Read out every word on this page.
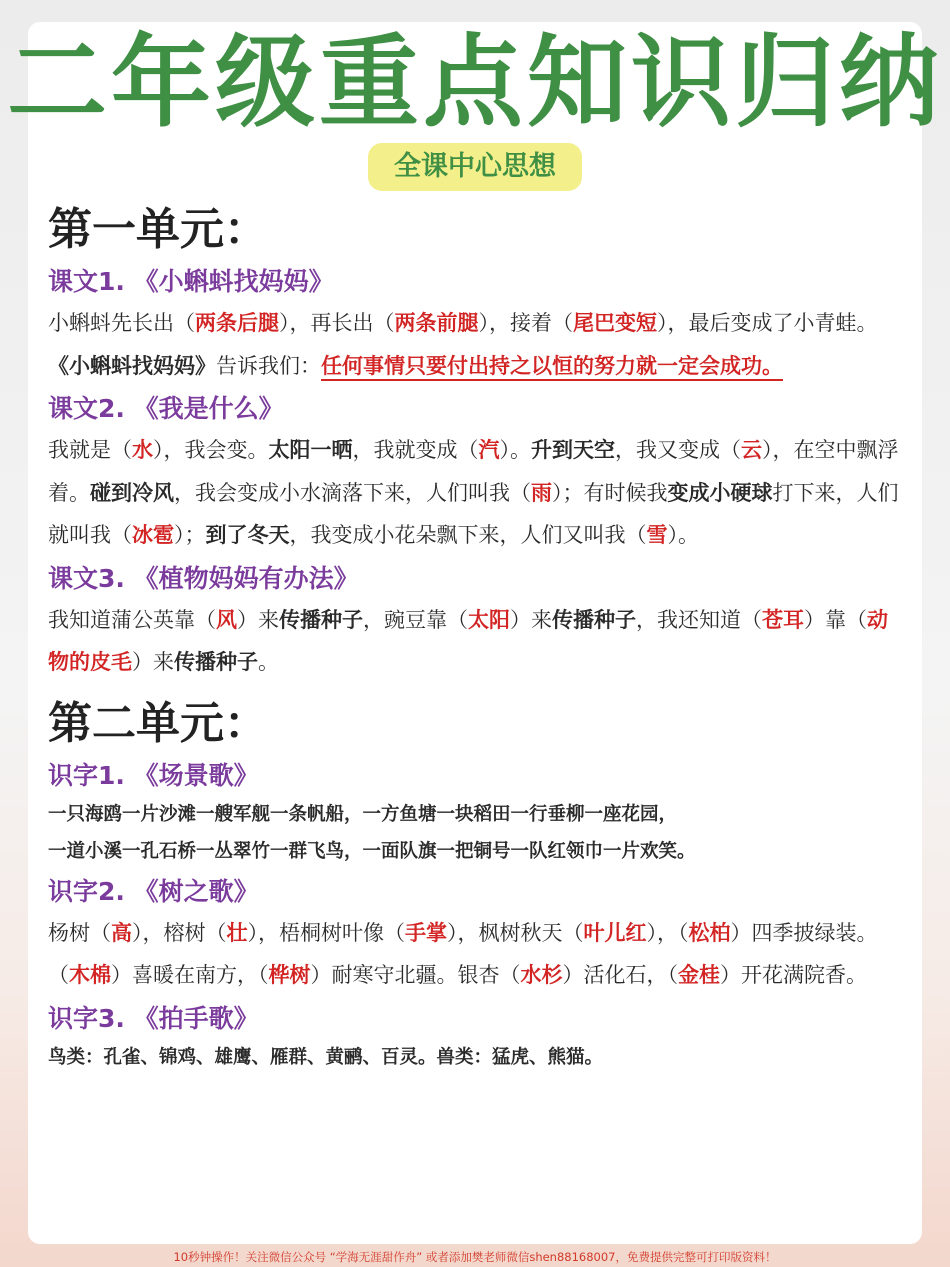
二年级重点知识归纳
全课中心思想
第一单元：
课文1. 《小蝌蚪找妈妈》
小蝌蚪先长出（两条后腿），再长出（两条前腿），接着（尾巴变短），最后变成了小青蛙。《小蝌蚪找妈妈》告诉我们：任何事情只要付出持之以恒的努力就一定会成功。
课文2. 《我是什么》
我就是（水），我会变。太阳一晒，我就变成（汽）。升到天空，我又变成（云），在空中飘浮着。碰到冷风，我会变成小水滴落下来，人们叫我（雨）；有时候我变成小硬球打下来，人们就叫我（冰雹）；到了冬天，我变成小花朵飘下来，人们又叫我（雪）。
课文3. 《植物妈妈有办法》
我知道蒲公英靠（风）来传播种子，豌豆靠（太阳）来传播种子，我还知道（苍耳）靠（动物的皮毛）来传播种子。
第二单元：
识字1. 《场景歌》
一只海鸥一片沙滩一艘军舰一条帆船，一方鱼塘一块稻田一行垂柳一座花园，
一道小溪一孔石桥一丛翠竹一群飞鸟，一面队旗一把铜号一队红领巾一片欢笑。
识字2. 《树之歌》
杨树（高），榕树（壮），梧桐树叶像（手掌），枫树秋天（叶儿红），（松柏）四季披绿装。（木棉）喜暖在南方，（桦树）耐寒守北疆。银杏（水杉）活化石，（金桂）开花满院香。
识字3. 《拍手歌》
鸟类：孔雀、锦鸡、雄鹰、雁群、黄鹂、百灵。兽类：猛虎、熊猫。
10秒钟操作！关注微信公众号 “学海无涯甜作舟” 或者添加樊老师微信shen88168007，免费提供完整可打印版资料！
